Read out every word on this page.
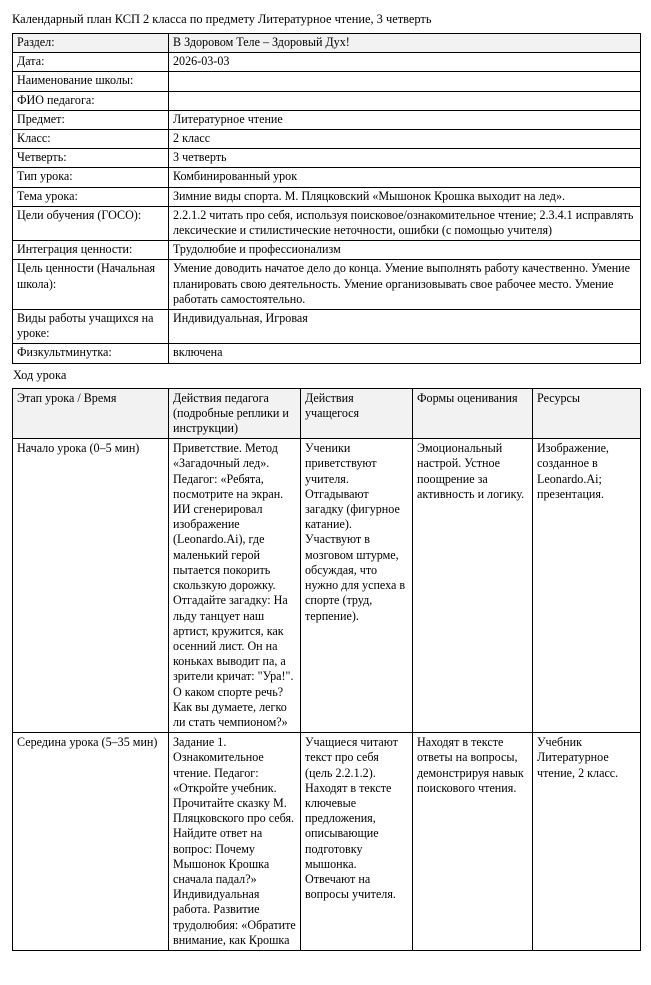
Календарный план КСП 2 класса по предмету Литературное чтение, 3 четверть
Раздел:	В Здоровом Теле – Здоровый Дух!
Дата:	2026-03-03
Наименование школы:	
ФИО педагога:	
Предмет:	Литературное чтение
Класс:	2 класс
Четверть:	3 четверть
Тип урока:	Комбинированный урок
Тема урока:	Зимние виды спорта. М. Пляцковский «Мышонок Крошка выходит на лед».
Цели обучения (ГОСО):	2.2.1.2 читать про себя, используя поисковое/ознакомительное чтение; 2.3.4.1 исправлять лексические и стилистические неточности, ошибки (с помощью учителя)
Интеграция ценности:	Трудолюбие и профессионализм
Цель ценности (Начальная школа):	Умение доводить начатое дело до конца. Умение выполнять работу качественно. Умение планировать свою деятельность. Умение организовывать свое рабочее место. Умение работать самостоятельно.
Виды работы учащихся на уроке:	Индивидуальная, Игровая
Физкультминутка:	включена
Ход урока
Этап урока / Время	Действия педагога (подробные реплики и инструкции)	Действия учащегося	Формы оценивания	Ресурсы
Начало урока (0–5 мин)	Приветствие. Метод «Загадочный лед». Педагог: «Ребята, посмотрите на экран. ИИ сгенерировал изображение (Leonardo.Ai), где маленький герой пытается покорить скользкую дорожку. Отгадайте загадку: На льду танцует наш артист, кружится, как осенний лист. Он на коньках выводит па, а зрители кричат: "Ура!". О каком спорте речь? Как вы думаете, легко ли стать чемпионом?»	Ученики приветствуют учителя. Отгадывают загадку (фигурное катание). Участвуют в мозговом штурме, обсуждая, что нужно для успеха в спорте (труд, терпение).	Эмоциональный настрой. Устное поощрение за активность и логику.	Изображение, созданное в Leonardo.Ai; презентация.
Середина урока (5–35 мин)	Задание 1. Ознакомительное чтение. Педагог: «Откройте учебник. Прочитайте сказку М. Пляцковского про себя. Найдите ответ на вопрос: Почему Мышонок Крошка сначала падал?» Индивидуальная работа. Развитие трудолюбия: «Обратите внимание, как Крошка	Учащиеся читают текст про себя (цель 2.2.1.2). Находят в тексте ключевые предложения, описывающие подготовку мышонка. Отвечают на вопросы учителя.	Находят в тексте ответы на вопросы, демонстрируя навык поискового чтения.	Учебник Литературное чтение, 2 класс.
